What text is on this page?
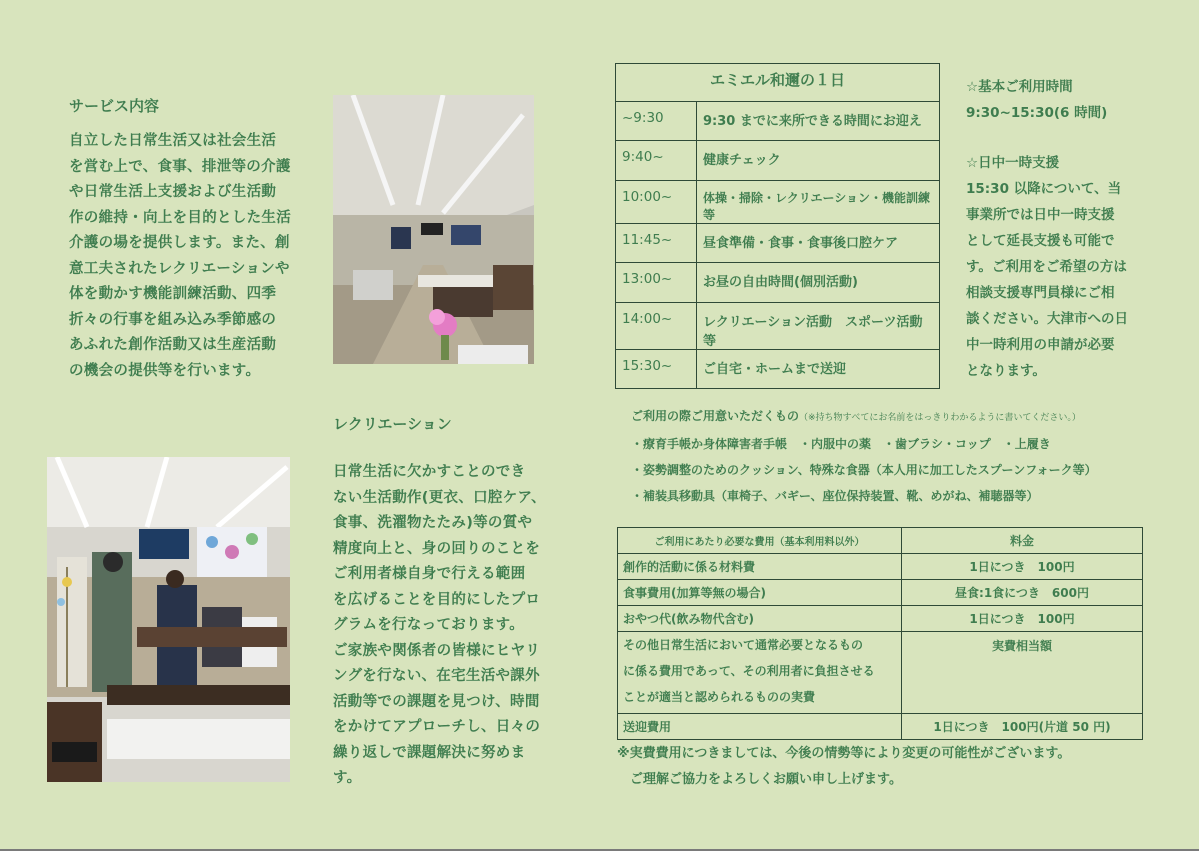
サービス内容
自立した日常生活又は社会生活
を営む上で、食事、排泄等の介護
や日常生活上支援および生活動
作の維持・向上を目的とした生活
介護の場を提供します。また、創
意工夫されたレクリエーションや
体を動かす機能訓練活動、四季
折々の行事を組み込み季節感の
あふれた創作活動又は生産活動
の機会の提供等を行います。
レクリエーション
日常生活に欠かすことのでき
ない生活動作(更衣、口腔ケア、
食事、洗濯物たたみ)等の質や
精度向上と、身の回りのことを
ご利用者様自身で行える範囲
を広げることを目的にしたプロ
グラムを行なっております。
ご家族や関係者の皆様にヒヤリ
ングを行ない、在宅生活や課外
活動等での課題を見つけ、時間
をかけてアプローチし、日々の
繰り返しで課題解決に努めま
す。
エミエル和邇の１日	
~9:30	9:30 までに来所できる時間にお迎え
9:40~	健康チェック
10:00~	体操・掃除・レクリエーション・機能訓練等
11:45~	昼食準備・食事・食事後口腔ケア
13:00~	お昼の自由時間(個別活動)
14:00~	レクリエーション活動　スポーツ活動等
15:30~	ご自宅・ホームまで送迎
☆基本ご利用時間
9:30~15:30(6 時間)
☆日中一時支援
15:30 以降について、当
事業所では日中一時支援
として延長支援も可能で
す。ご利用をご希望の方は
相談支援専門員様にご相
談ください。大津市への日
中一時利用の申請が必要
となります。
ご利用の際ご用意いただくもの（※持ち物すべてにお名前をはっきりわかるように書いてください。）
・療育手帳か身体障害者手帳　・内服中の薬　・歯ブラシ・コップ　・上履き
・姿勢調整のためのクッション、特殊な食器（本人用に加工したスプーンフォーク等）
・補装具移動具（車椅子、バギー、座位保持装置、靴、めがね、補聴器等）
ご利用にあたり必要な費用（基本利用料以外）	料金
創作的活動に係る材料費	1日につき　100円
食事費用(加算等無の場合)	昼食:1食につき　600円
おやつ代(飲み物代含む)	1日につき　100円

その他日常生活において通常必要となるもの
に係る費用であって、その利用者に負担させる
ことが適当と認められるものの実費	実費相当額
送迎費用	1日につき　100円(片道 50 円)
※実費費用につきましては、今後の情勢等により変更の可能性がございます。
ご理解ご協力をよろしくお願い申し上げます。
